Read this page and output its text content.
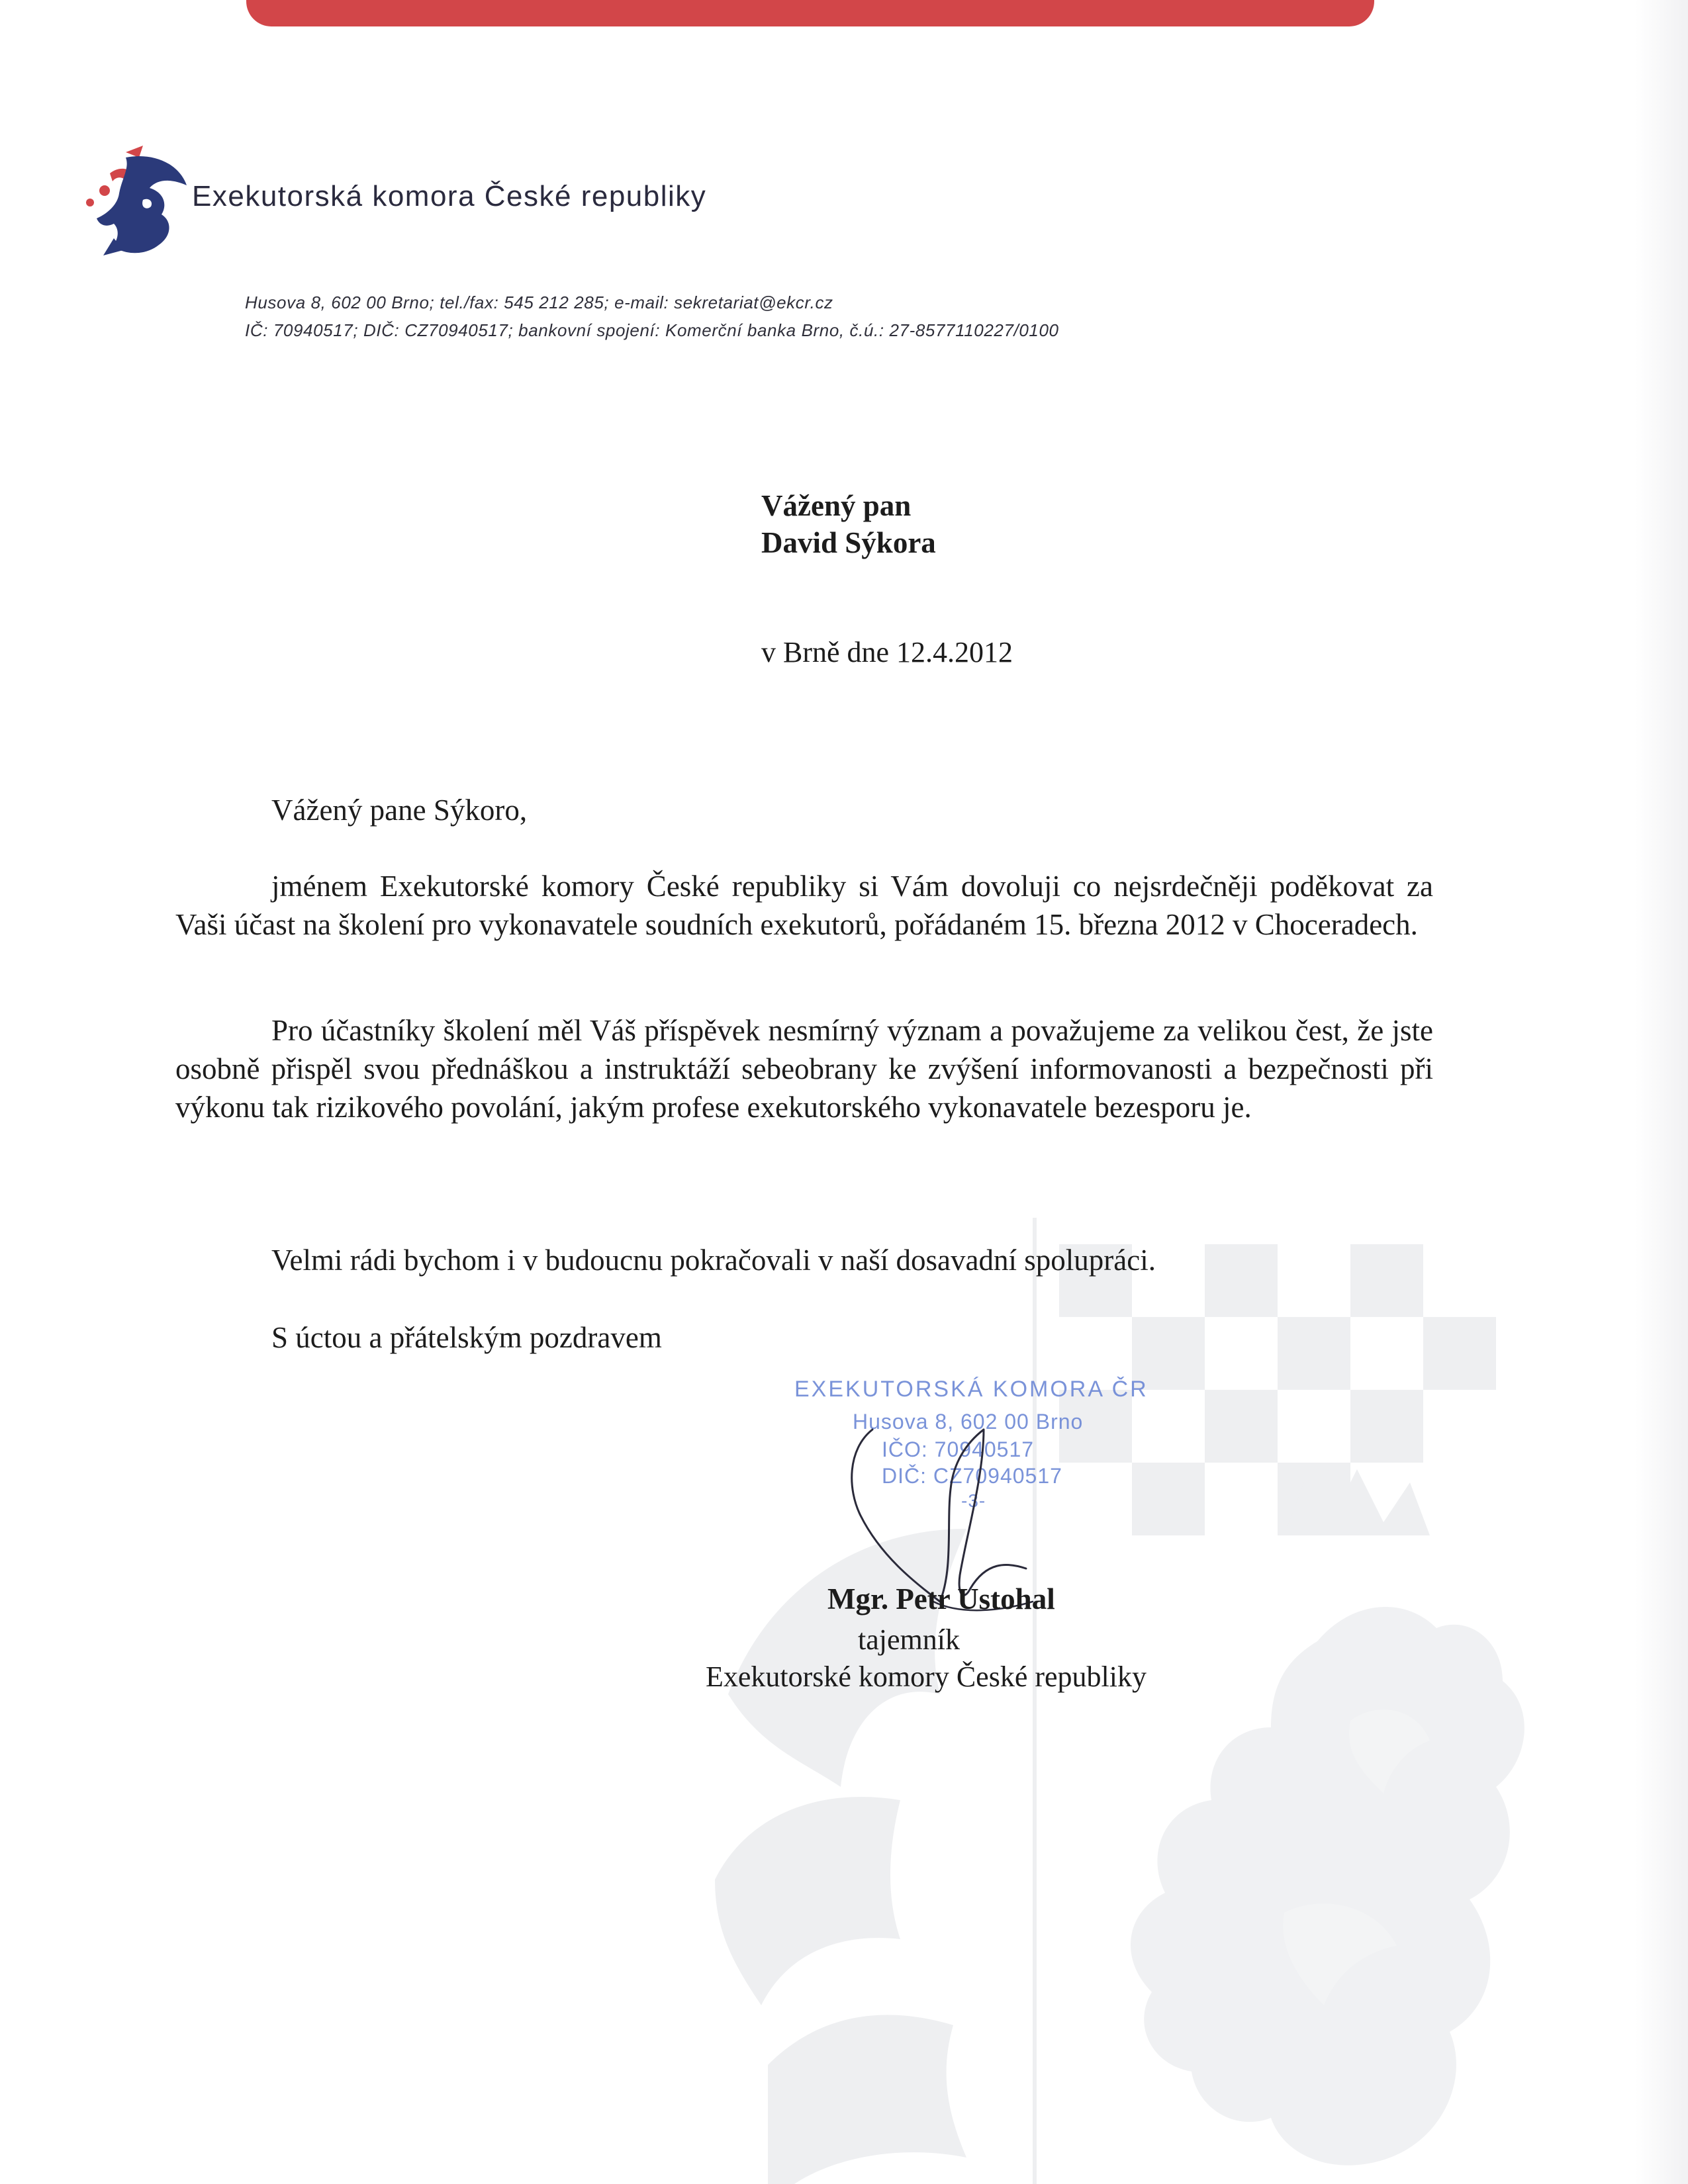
Exekutorská komora České republiky
Husova 8, 602 00 Brno; tel./fax: 545 212 285; e-mail: sekretariat@ekcr.cz
IČ: 70940517; DIČ: CZ70940517; bankovní spojení: Komerční banka Brno, č.ú.: 27-8577110227/0100
Vážený pan
David Sýkora
v Brně dne 12.4.2012
Vážený pane Sýkoro,
jménem Exekutorské komory České republiky si Vám dovoluji co nejsrdečněji poděkovat za Vaši účast na školení pro vykonavatele soudních exekutorů, pořádaném 15. března 2012 v Choceradech.
Pro účastníky školení měl Váš příspěvek nesmírný význam a považujeme za velikou čest, že jste osobně přispěl svou přednáškou a instruktáží sebeobrany ke zvýšení informovanosti a bezpečnosti při výkonu tak rizikového povolání, jakým profese exekutorského vykonavatele bezesporu je.
Velmi rádi bychom i v budoucnu pokračovali v naší dosavadní spolupráci.
S úctou a přátelským pozdravem
EXEKUTORSKÁ KOMORA ČR
Husova 8, 602 00 Brno
IČO: 70940517
DIČ: CZ70940517
-3-
Mgr. Petr Ustohal
tajemník
Exekutorské komory České republiky
